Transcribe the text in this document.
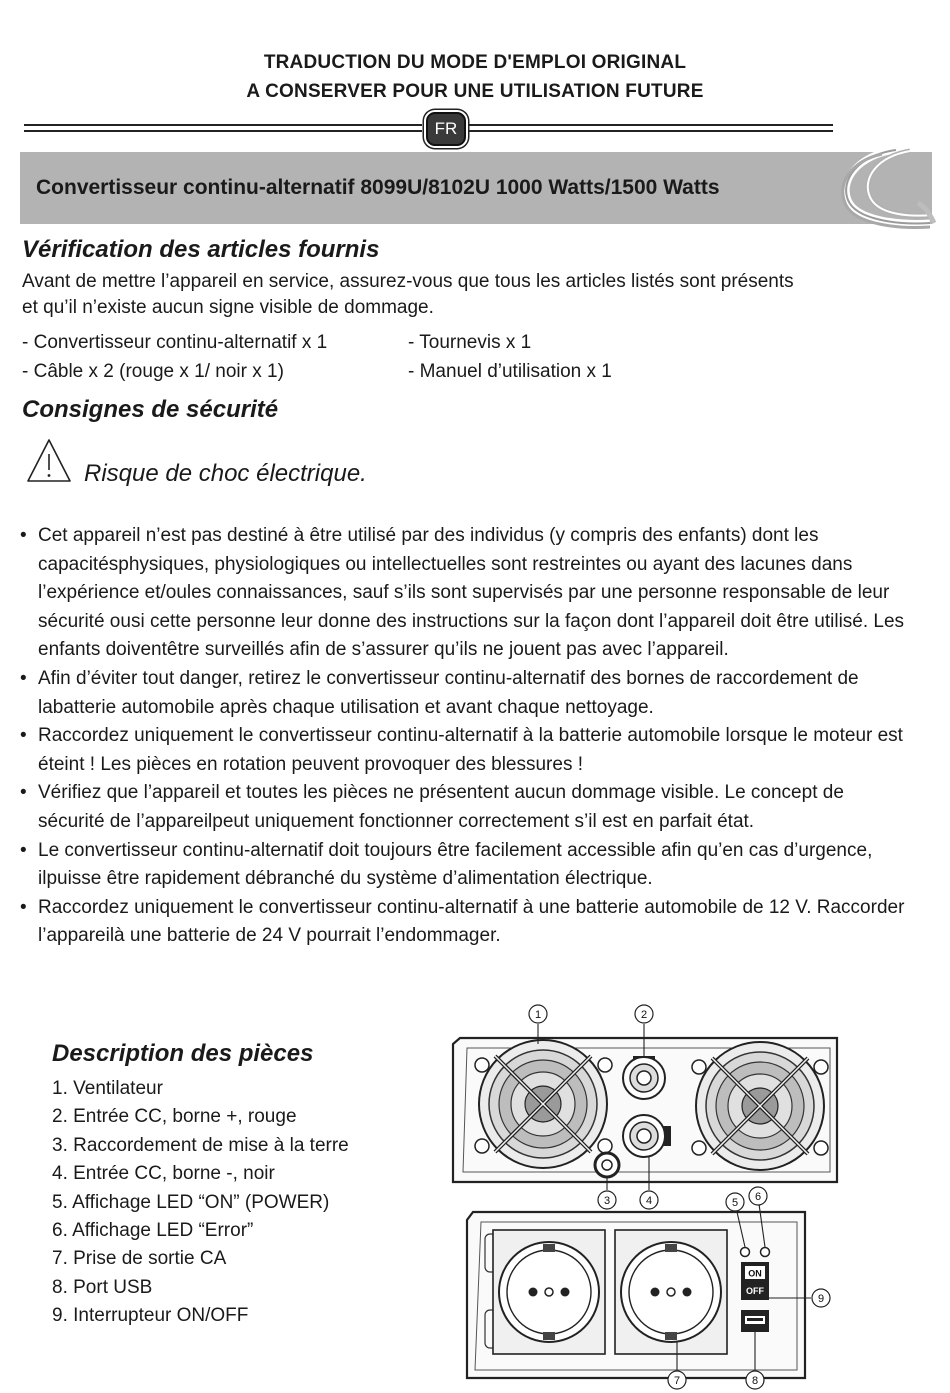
TRADUCTION DU MODE D'EMPLOI ORIGINAL
A CONSERVER POUR UNE UTILISATION FUTURE
FR
Convertisseur continu-alternatif 8099U/8102U 1000 Watts/1500 Watts
Vérification des articles fournis
Avant de mettre l’appareil en service, assurez-vous que tous les articles listés sont présents
et qu’il n’existe aucun signe visible de dommage.
- Convertisseur continu-alternatif x 1	- Tournevis x 1
- Câble x 2 (rouge x 1/ noir x 1)	- Manuel d’utilisation x 1
Consignes de sécurité
Risque de choc électrique.
• Cet appareil n’est pas destiné à être utilisé par des individus (y compris des enfants) dont les capacitésphysiques, physiologiques ou intellectuelles sont restreintes ou ayant des lacunes dans l’expérience et/oules connaissances, sauf s’ils sont supervisés par une personne responsable de leur sécurité ousi cette personne leur donne des instructions sur la façon dont l’appareil doit être utilisé. Les enfants doiventêtre surveillés afin de s’assurer qu’ils ne jouent pas avec l’appareil.
• Afin d’éviter tout danger, retirez le convertisseur continu-alternatif des bornes de raccordement de labatterie automobile après chaque utilisation et avant chaque nettoyage.
• Raccordez uniquement le convertisseur continu-alternatif à la batterie automobile lorsque le moteur est éteint ! Les pièces en rotation peuvent provoquer des blessures !
• Vérifiez que l’appareil et toutes les pièces ne présentent aucun dommage visible. Le concept de sécurité de l’appareilpeut uniquement fonctionner correctement s’il est en parfait état.
• Le convertisseur continu-alternatif doit toujours être facilement accessible afin qu’en cas d’urgence, ilpuisse être rapidement débranché du système d’alimentation électrique.
• Raccordez uniquement le convertisseur continu-alternatif à une batterie automobile de 12 V. Raccorder l’appareilà une batterie de 24 V pourrait l’endommager.
Description des pièces
1. Ventilateur
2. Entrée CC, borne +, rouge
3. Raccordement de mise à la terre
4. Entrée CC, borne -, noir
5. Affichage LED “ON” (POWER)
6. Affichage LED “Error”
7. Prise de sortie CA
8. Port USB
9. Interrupteur ON/OFF
ON
OFF
1	2
3	4	5 6
7	8
9
